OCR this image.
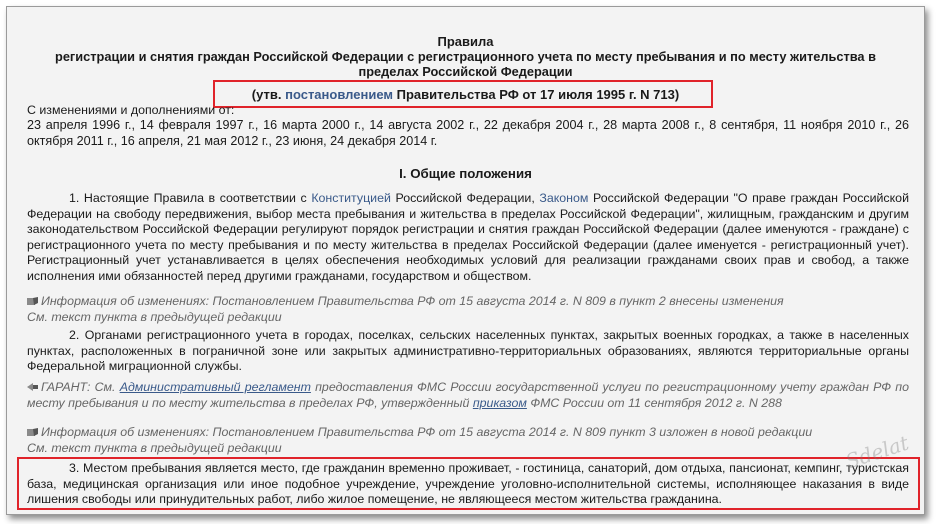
Правила
регистрации и снятия граждан Российской Федерации с регистрационного учета по месту пребывания и по месту жительства в пределах Российской Федерации
(утв. постановлением Правительства РФ от 17 июля 1995 г. N 713)
С изменениями и дополнениями от:
23 апреля 1996 г., 14 февраля 1997 г., 16 марта 2000 г., 14 августа 2002 г., 22 декабря 2004 г., 28 марта 2008 г., 8 сентября, 11 ноября 2010 г., 26 октября 2011 г., 16 апреля, 21 мая 2012 г., 23 июня, 24 декабря 2014 г.
I. Общие положения
1. Настоящие Правила в соответствии с Конституцией Российской Федерации, Законом Российской Федерации "О праве граждан Российской Федерации на свободу передвижения, выбор места пребывания и жительства в пределах Российской Федерации", жилищным, гражданским и другим законодательством Российской Федерации регулируют порядок регистрации и снятия граждан Российской Федерации (далее именуются - граждане) с регистрационного учета по месту пребывания и по месту жительства в пределах Российской Федерации (далее именуется - регистрационный учет). Регистрационный учет устанавливается в целях обеспечения необходимых условий для реализации гражданами своих прав и свобод, а также исполнения ими обязанностей перед другими гражданами, государством и обществом.
Информация об изменениях: Постановлением Правительства РФ от 15 августа 2014 г. N 809 в пункт 2 внесены изменения
См. текст пункта в предыдущей редакции
2. Органами регистрационного учета в городах, поселках, сельских населенных пунктах, закрытых военных городках, а также в населенных пунктах, расположенных в пограничной зоне или закрытых административно-территориальных образованиях, являются территориальные органы Федеральной миграционной службы.
ГАРАНТ: См. Административный регламент предоставления ФМС России государственной услуги по регистрационному учету граждан РФ по месту пребывания и по месту жительства в пределах РФ, утвержденный приказом ФМС России от 11 сентября 2012 г. N 288
Информация об изменениях: Постановлением Правительства РФ от 15 августа 2014 г. N 809 пункт 3 изложен в новой редакции
См. текст пункта в предыдущей редакции
3. Местом пребывания является место, где гражданин временно проживает, - гостиница, санаторий, дом отдыха, пансионат, кемпинг, туристская база, медицинская организация или иное подобное учреждение, учреждение уголовно-исполнительной системы, исполняющее наказания в виде лишения свободы или принудительных работ, либо жилое помещение, не являющееся местом жительства гражданина.
Sdelat
